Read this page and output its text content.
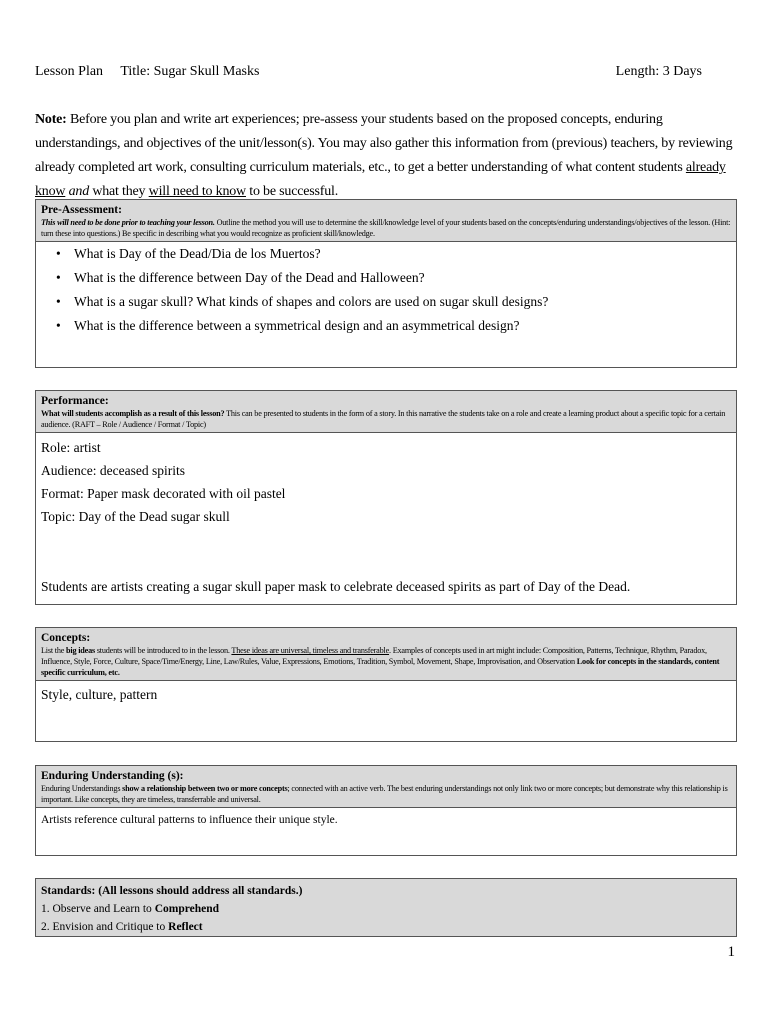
Lesson Plan Title: Sugar Skull Masks	Length: 3 Days
Note: Before you plan and write art experiences; pre-assess your students based on the proposed concepts, enduring understandings, and objectives of the unit/lesson(s). You may also gather this information from (previous) teachers, by reviewing already completed art work, consulting curriculum materials, etc., to get a better understanding of what content students already know and what they will need to know to be successful.
Pre-Assessment:
This will need to be done prior to teaching your lesson. Outline the method you will use to determine the skill/knowledge level of your students based on the concepts/enduring understandings/objectives of the lesson. (Hint: turn these into questions.) Be specific in describing what you would recognize as proficient skill/knowledge.
• What is Day of the Dead/Dia de los Muertos?
• What is the difference between Day of the Dead and Halloween?
• What is a sugar skull? What kinds of shapes and colors are used on sugar skull designs?
• What is the difference between a symmetrical design and an asymmetrical design?
Performance:
What will students accomplish as a result of this lesson? This can be presented to students in the form of a story. In this narrative the students take on a role and create a learning product about a specific topic for a certain audience. (RAFT – Role / Audience / Format / Topic)
Role: artist
Audience: deceased spirits
Format: Paper mask decorated with oil pastel
Topic: Day of the Dead sugar skull
Students are artists creating a sugar skull paper mask to celebrate deceased spirits as part of Day of the Dead.
Concepts:
List the big ideas students will be introduced to in the lesson. These ideas are universal, timeless and transferable. Examples of concepts used in art might include: Composition, Patterns, Technique, Rhythm, Paradox, Influence, Style, Force, Culture, Space/Time/Energy, Line, Law/Rules, Value, Expressions, Emotions, Tradition, Symbol, Movement, Shape, Improvisation, and Observation Look for concepts in the standards, content specific curriculum, etc.
Style, culture, pattern
Enduring Understanding (s):
Enduring Understandings show a relationship between two or more concepts; connected with an active verb. The best enduring understandings not only link two or more concepts; but demonstrate why this relationship is important. Like concepts, they are timeless, transferrable and universal.
Artists reference cultural patterns to influence their unique style.
Standards: (All lessons should address all standards.)
1. Observe and Learn to Comprehend
2. Envision and Critique to Reflect
1
